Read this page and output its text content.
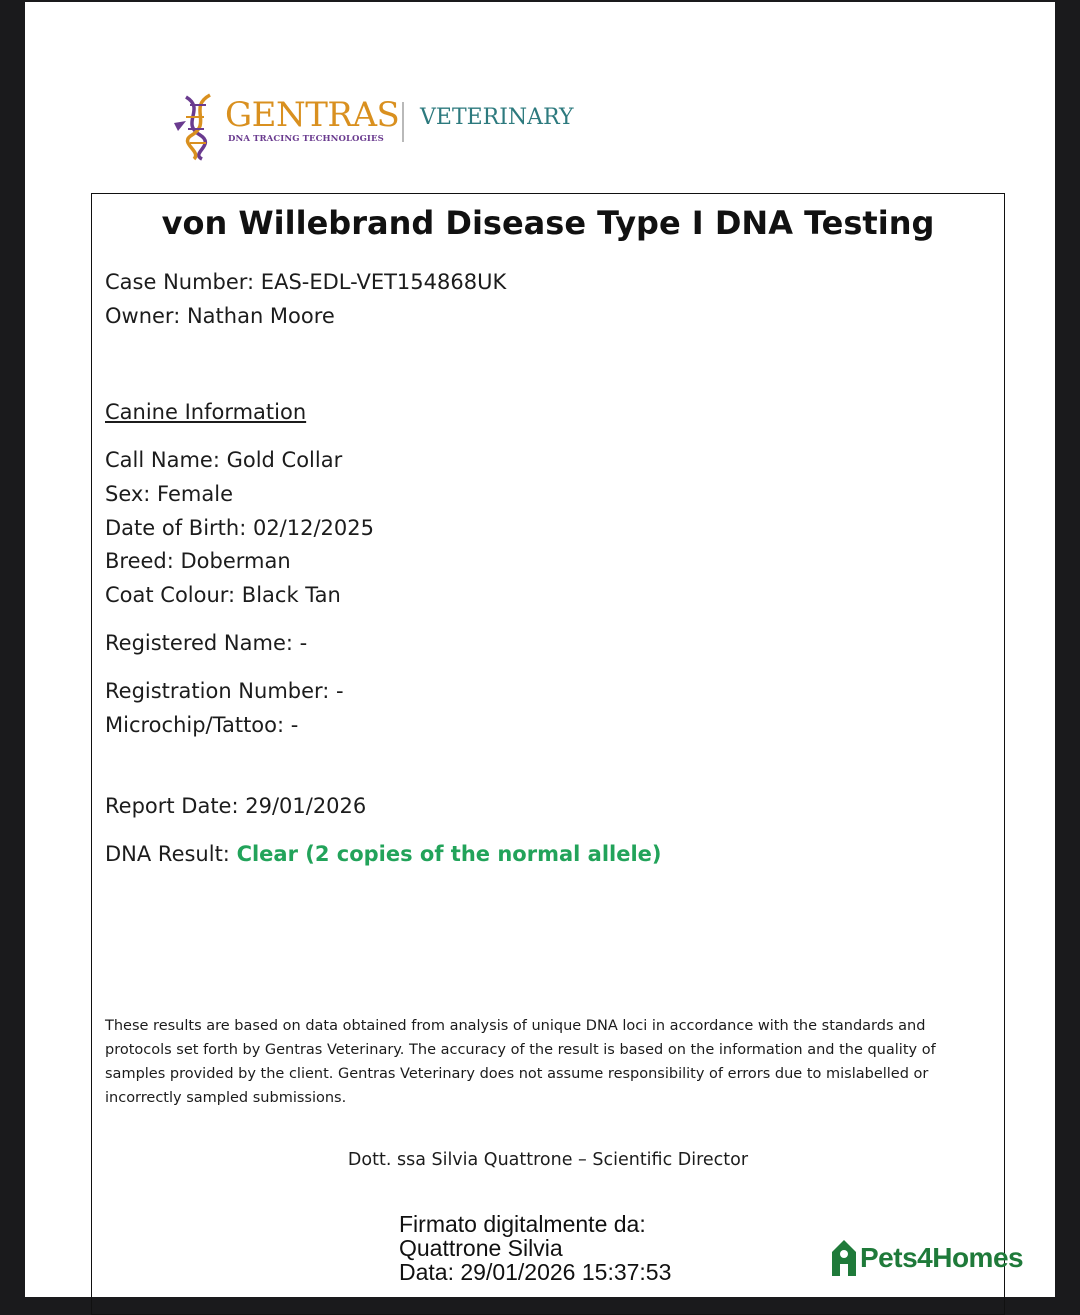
GENTRAS
DNA TRACING TECHNOLOGIES
VETERINARY
von Willebrand Disease Type I DNA Testing
Case Number: EAS-EDL-VET154868UK
Owner: Nathan Moore
Canine Information
Call Name: Gold Collar
Sex: Female
Date of Birth: 02/12/2025
Breed: Doberman
Coat Colour: Black Tan
Registered Name: -
Registration Number: -
Microchip/Tattoo: -
Report Date: 29/01/2026
DNA Result: Clear (2 copies of the normal allele)
These results are based on data obtained from analysis of unique DNA loci in accordance with the standards and protocols set forth by Gentras Veterinary. The accuracy of the result is based on the information and the quality of samples provided by the client. Gentras Veterinary does not assume responsibility of errors due to mislabelled or incorrectly sampled submissions.
Dott. ssa Silvia Quattrone – Scientific Director
Firmato digitalmente da:
Quattrone Silvia
Data: 29/01/2026 15:37:53	Pets4Homes
